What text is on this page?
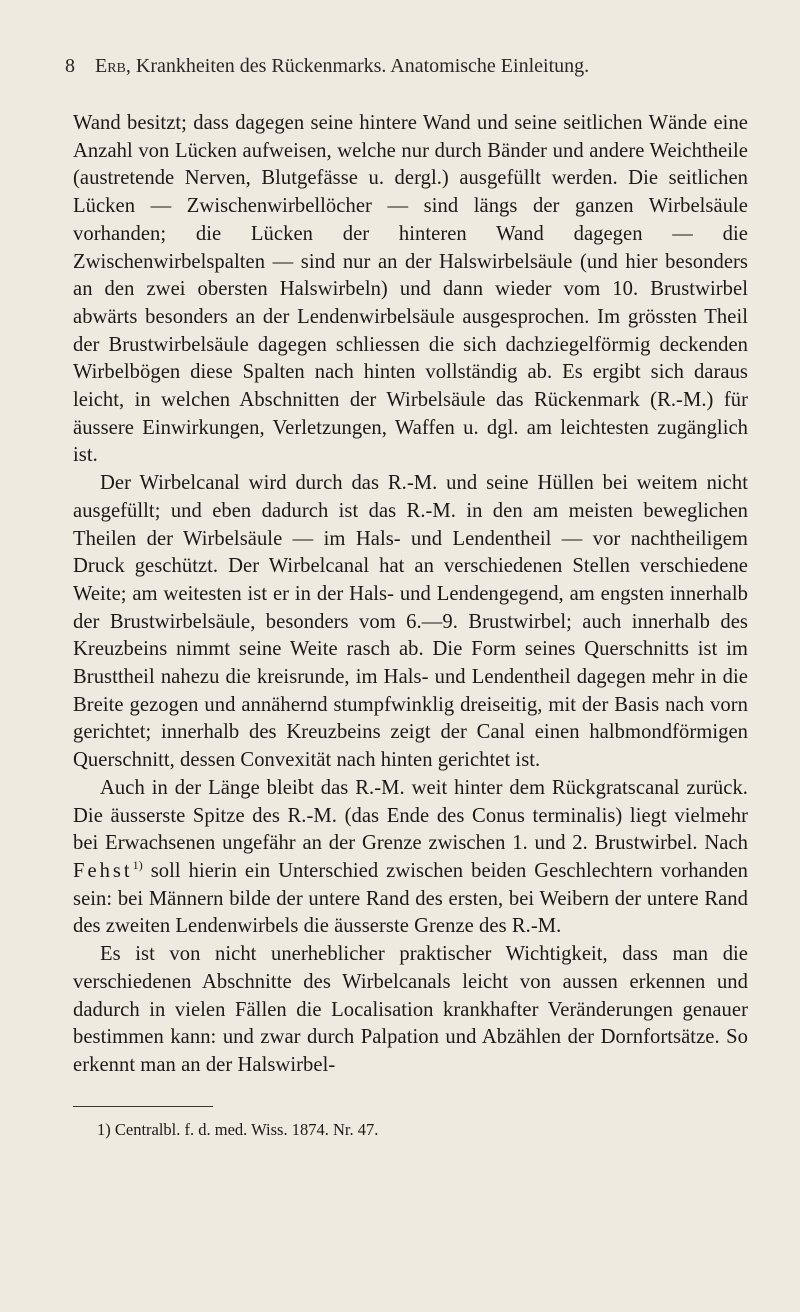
8	Erb , Krankheiten des Rückenmarks. Anatomische Einleitung.

Wand besitzt; dass dagegen seine hintere Wand und seine seitlichen Wände eine Anzahl von Lücken aufweisen, welche nur durch Bänder und andere Weichtheile (austretende Nerven, Blutgefässe u. dergl.) ausgefüllt werden. Die seitlichen Lücken — Zwischenwirbellöcher — sind längs der ganzen Wirbelsäule vorhanden; die Lücken der hinteren Wand dagegen — die Zwischenwirbelspalten — sind nur an der Halswirbelsäule (und hier besonders an den zwei obersten Halswirbeln) und dann wieder vom 10. Brustwirbel abwärts besonders an der Lendenwirbelsäule ausgesprochen. Im grössten Theil der Brustwirbelsäule dagegen schliessen die sich dachziegelförmig deckenden Wirbelbögen diese Spalten nach hinten vollständig ab. Es ergibt sich daraus leicht, in welchen Abschnitten der Wirbelsäule das Rückenmark (R.-M.) für äussere Einwirkungen, Verletzungen, Waffen u. dgl. am leichtesten zugänglich ist.

Der Wirbelcanal wird durch das R.-M. und seine Hüllen bei weitem nicht ausgefüllt; und eben dadurch ist das R.-M. in den am meisten beweglichen Theilen der Wirbelsäule — im Hals- und Lendentheil — vor nachtheiligem Druck geschützt. Der Wirbelcanal hat an verschiedenen Stellen verschiedene Weite; am weitesten ist er in der Hals- und Lendengegend, am engsten innerhalb der Brustwirbelsäule, besonders vom 6.—9. Brustwirbel; auch innerhalb des Kreuzbeins nimmt seine Weite rasch ab. Die Form seines Querschnitts ist im Brusttheil nahezu die kreisrunde, im Hals- und Lendentheil dagegen mehr in die Breite gezogen und annähernd stumpfwinklig dreiseitig, mit der Basis nach vorn gerichtet; innerhalb des Kreuzbeins zeigt der Canal einen halbmondförmigen Querschnitt, dessen Convexität nach hinten gerichtet ist.

Auch in der Länge bleibt das R.-M. weit hinter dem Rückgratscanal zurück. Die äusserste Spitze des R.-M. (das Ende des Conus terminalis) liegt vielmehr bei Erwachsenen ungefähr an der Grenze zwischen 1. und 2. Brustwirbel. Nach Fehst$^{1)}$ soll hierin ein Unterschied zwischen beiden Geschlechtern vorhanden sein: bei Männern bilde der untere Rand des ersten, bei Weibern der untere Rand des zweiten Lendenwirbels die äusserste Grenze des R.-M.

Es ist von nicht unerheblicher praktischer Wichtigkeit, dass man die verschiedenen Abschnitte des Wirbelcanals leicht von aussen erkennen und dadurch in vielen Fällen die Localisation krankhafter Veränderungen genauer bestimmen kann: und zwar durch Palpation und Abzählen der Dornfortsätze. So erkennt man an der Halswirbel-

1) Centralbl. f. d. med. Wiss. 1874. Nr. 47.
